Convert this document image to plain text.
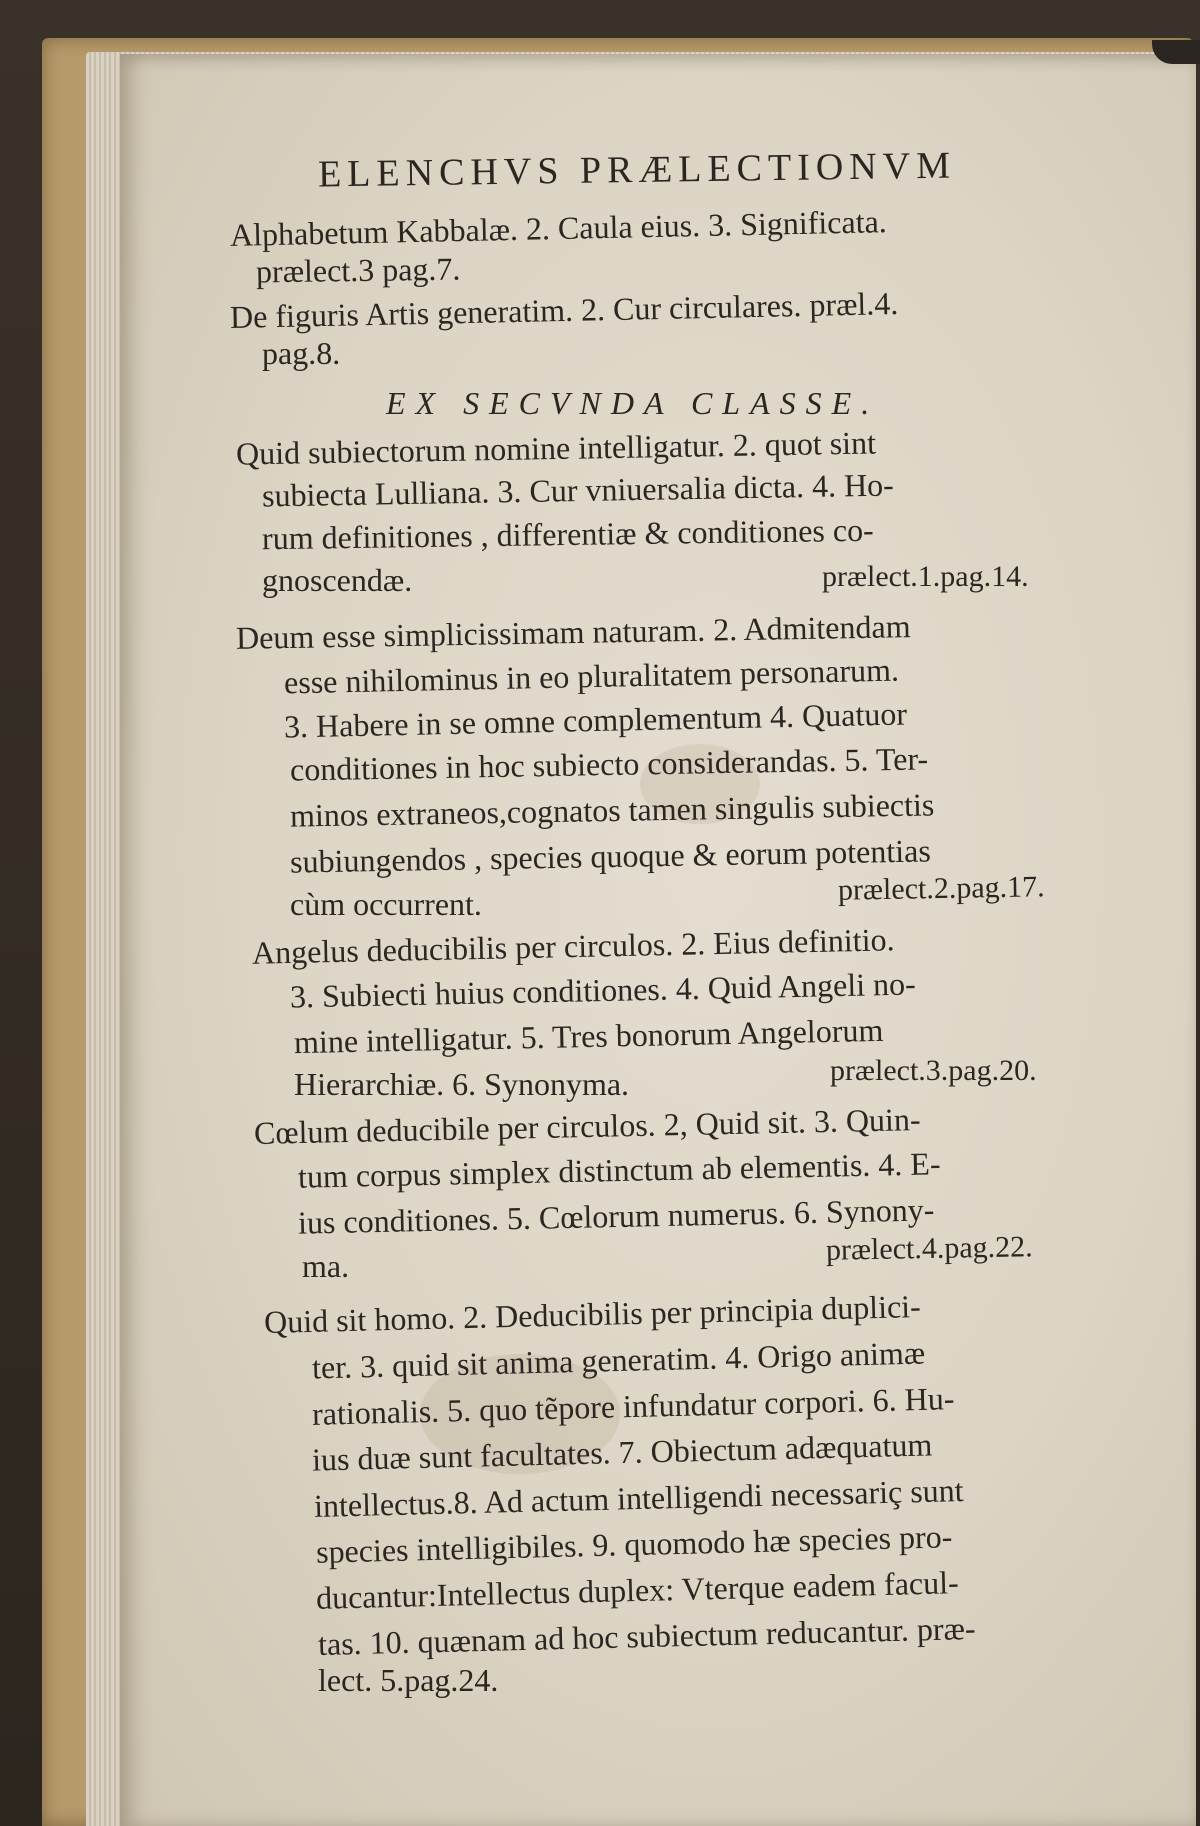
ELENCHVS PRÆLECTIONVM
Alphabetum Kabbalæ. 2. Caula eius. 3. Significata.
prælect.3 pag.7.
De figuris Artis generatim. 2. Cur circulares. præl.4.
pag.8.
EX SECVNDA CLASSE.
Quid subiectorum nomine intelligatur. 2. quot sint
subiecta Lulliana. 3. Cur vniuersalia dicta. 4. Ho-
rum definitiones , differentiæ & conditiones co-
gnoscendæ.	prælect.1.pag.14.
Deum esse simplicissimam naturam. 2. Admitendam
esse nihilominus in eo pluralitatem personarum.
3. Habere in se omne complementum 4. Quatuor
conditiones in hoc subiecto considerandas. 5. Ter-
minos extraneos,cognatos tamen singulis subiectis
subiungendos , species quoque & eorum potentias
cùm occurrent.	prælect.2.pag.17.
Angelus deducibilis per circulos. 2. Eius definitio.
3. Subiecti huius conditiones. 4. Quid Angeli no-
mine intelligatur. 5. Tres bonorum Angelorum
Hierarchiæ. 6. Synonyma.	prælect.3.pag.20.
Cœlum deducibile per circulos. 2, Quid sit. 3. Quin-
tum corpus simplex distinctum ab elementis. 4. E-
ius conditiones. 5. Cœlorum numerus. 6. Synony-
ma.	prælect.4.pag.22.
Quid sit homo. 2. Deducibilis per principia duplici-
ter. 3. quid sit anima generatim. 4. Origo animæ
rationalis. 5. quo tẽpore infundatur corpori. 6. Hu-
ius duæ sunt facultates. 7. Obiectum adæquatum
intellectus.8. Ad actum intelligendi necessariç sunt
species intelligibiles. 9. quomodo hæ species pro-
ducantur:Intellectus duplex: Vterque eadem facul-
tas. 10. quænam ad hoc subiectum reducantur. præ-
lect. 5.pag.24.
